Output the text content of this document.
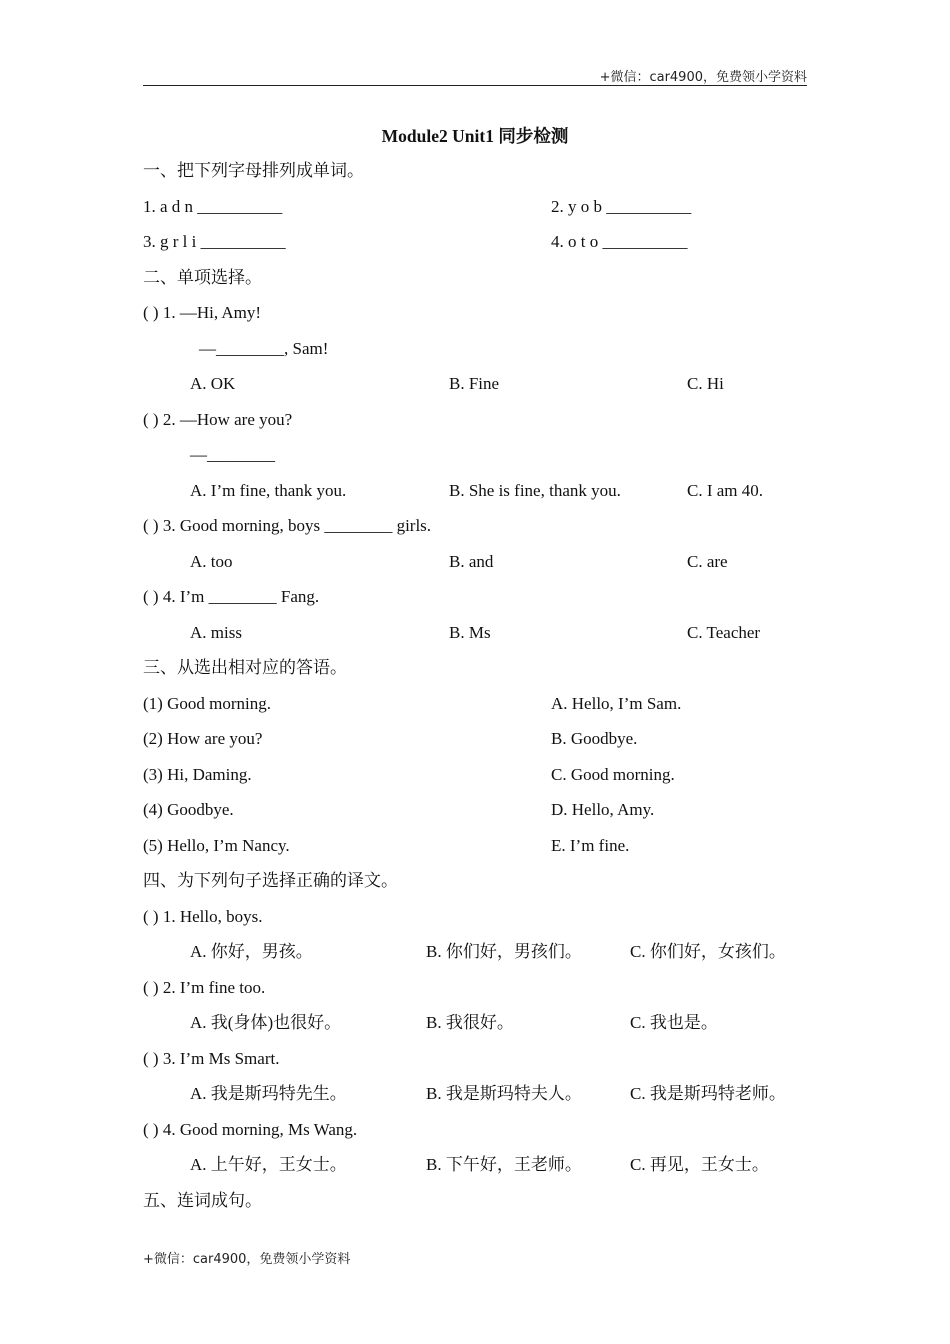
+微信：car4900，免费领小学资料
Module2 Unit1 同步检测
一、把下列字母排列成单词。
1. a d n __________	2. y o b __________
3. g r l i __________	4. o t o __________
二、单项选择。
( ) 1. —Hi, Amy!
—________, Sam!
A. OK	B. Fine	C. Hi
( ) 2. —How are you?
—________
A. I’m fine, thank you.	B. She is fine, thank you.	C. I am 40.
( ) 3. Good morning, boys ________ girls.
A. too	B. and	C. are
( ) 4. I’m ________ Fang.
A. miss	B. Ms	C. Teacher
三、从选出相对应的答语。
(1) Good morning.	A. Hello, I’m Sam.
(2) How are you?	B. Goodbye.
(3) Hi, Daming.	C. Good morning.
(4) Goodbye.	D. Hello, Amy.
(5) Hello, I’m Nancy.	E. I’m fine.
四、为下列句子选择正确的译文。
( ) 1. Hello, boys.
A. 你好，男孩。	B. 你们好，男孩们。	C. 你们好，女孩们。
( ) 2. I’m fine too.
A. 我(身体)也很好。	B. 我很好。	C. 我也是。
( ) 3. I’m Ms Smart.
A. 我是斯玛特先生。	B. 我是斯玛特夫人。	C. 我是斯玛特老师。
( ) 4. Good morning, Ms Wang.
A. 上午好，王女士。	B. 下午好，王老师。	C. 再见，王女士。
五、连词成句。
+微信：car4900，免费领小学资料
